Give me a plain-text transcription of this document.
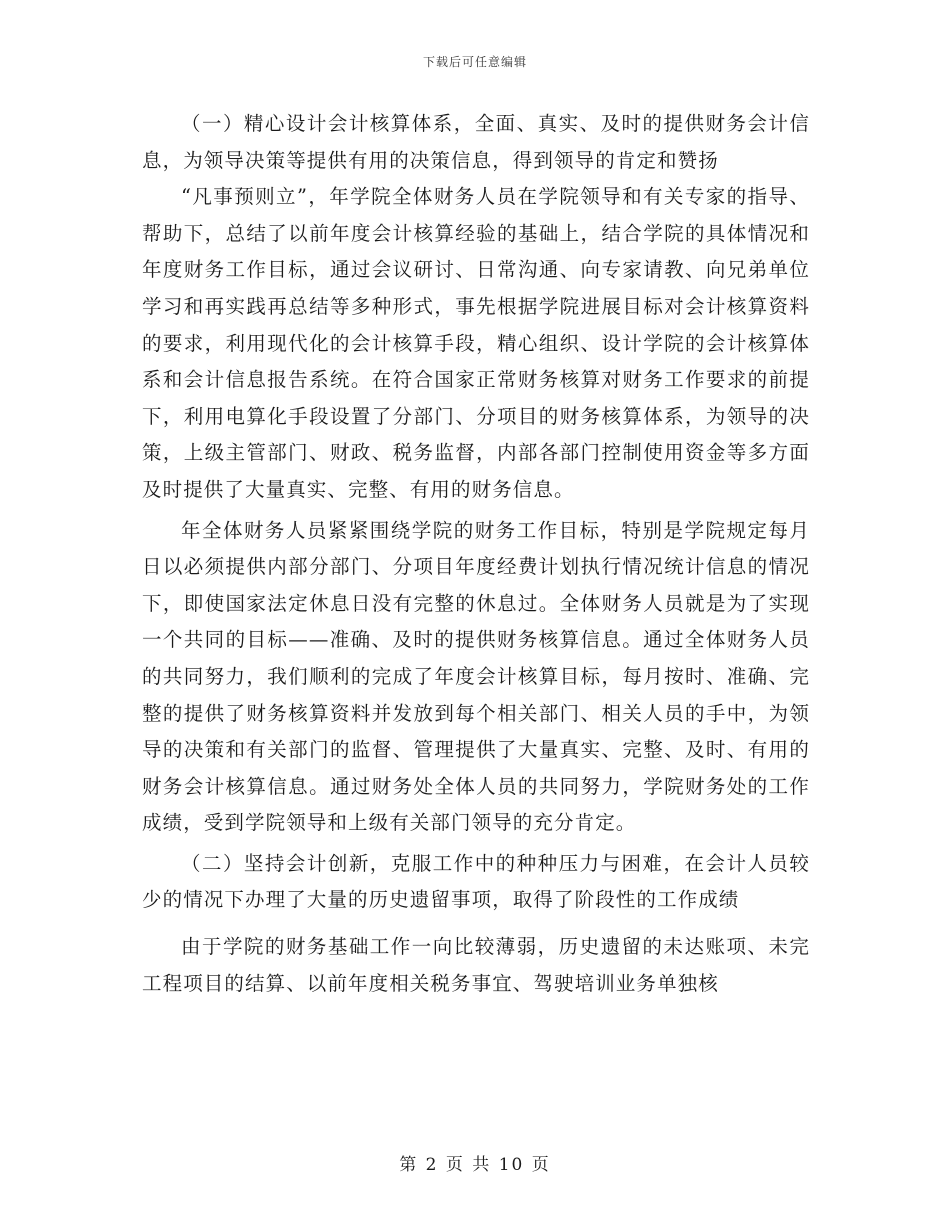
下载后可任意编辑

（一）精心设计会计核算体系，全面、真实、及时的提供财务会计信息，为领导决策等提供有用的决策信息，得到领导的肯定和赞扬

“凡事预则立”，年学院全体财务人员在学院领导和有关专家的指导、帮助下，总结了以前年度会计核算经验的基础上，结合学院的具体情况和年度财务工作目标，通过会议研讨、日常沟通、向专家请教、向兄弟单位学习和再实践再总结等多种形式，事先根据学院进展目标对会计核算资料的要求，利用现代化的会计核算手段，精心组织、设计学院的会计核算体系和会计信息报告系统。在符合国家正常财务核算对财务工作要求的前提下，利用电算化手段设置了分部门、分项目的财务核算体系，为领导的决策，上级主管部门、财政、税务监督，内部各部门控制使用资金等多方面及时提供了大量真实、完整、有用的财务信息。

年全体财务人员紧紧围绕学院的财务工作目标，特别是学院规定每月日以必须提供内部分部门、分项目年度经费计划执行情况统计信息的情况下，即使国家法定休息日没有完整的休息过。全体财务人员就是为了实现一个共同的目标——准确、及时的提供财务核算信息。通过全体财务人员的共同努力，我们顺利的完成了年度会计核算目标，每月按时、准确、完整的提供了财务核算资料并发放到每个相关部门、相关人员的手中，为领导的决策和有关部门的监督、管理提供了大量真实、完整、及时、有用的财务会计核算信息。通过财务处全体人员的共同努力，学院财务处的工作成绩，受到学院领导和上级有关部门领导的充分肯定。

（二）坚持会计创新，克服工作中的种种压力与困难，在会计人员较少的情况下办理了大量的历史遗留事项，取得了阶段性的工作成绩

由于学院的财务基础工作一向比较薄弱，历史遗留的未达账项、未完工程项目的结算、以前年度相关税务事宜、驾驶培训业务单独核

第 2 页 共 10 页
